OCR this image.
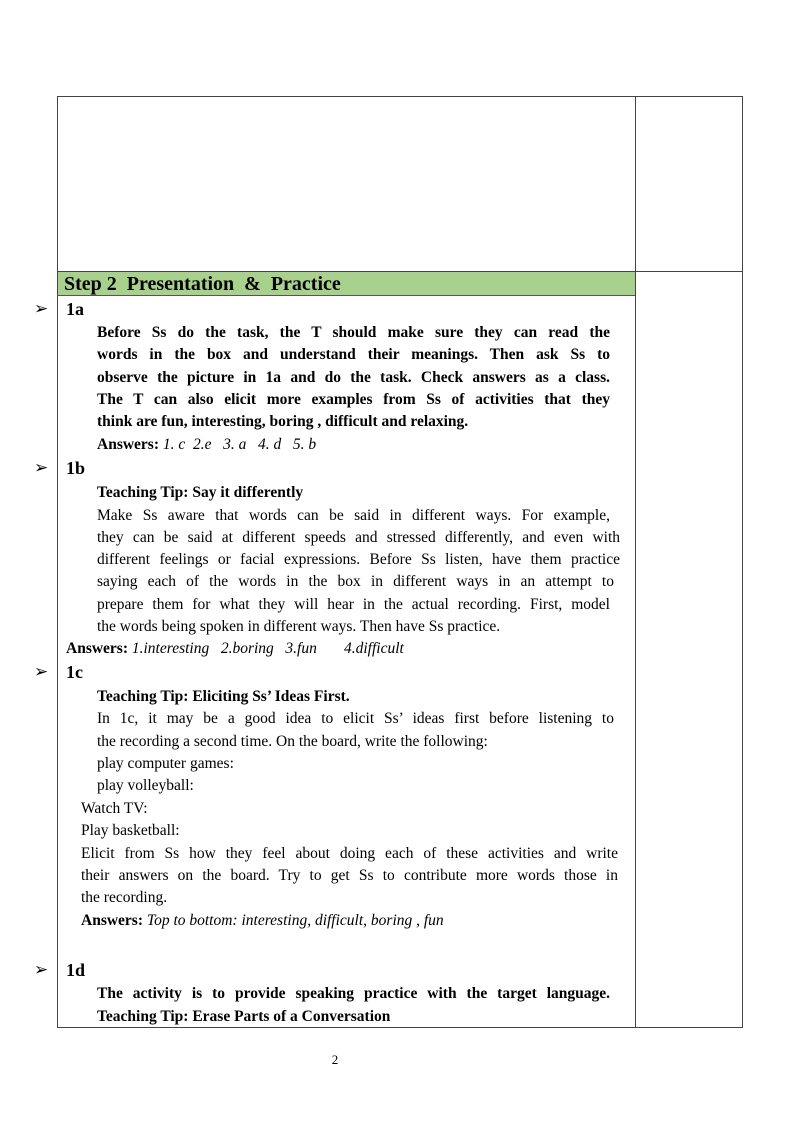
Step 2  Presentation  &  Practice
➢ 1a
Before Ss do the task, the T should make sure they can read the
words in the box and understand their meanings. Then ask Ss to
observe the picture in 1a and do the task. Check answers as a class.
The T can also elicit more examples from Ss of activities that they
think are fun, interesting, boring , difficult and relaxing.
Answers: 1. c  2.e   3. a   4. d   5. b
➢ 1b
Teaching Tip: Say it differently
Make Ss aware that words can be said in different ways. For example,
they can be said at different speeds and stressed differently, and even with
different feelings or facial expressions. Before Ss listen, have them practice
saying each of the words in the box in different ways in an attempt to
prepare them for what they will hear in the actual recording. First, model
the words being spoken in different ways. Then have Ss practice.
Answers: 1.interesting   2.boring   3.fun       4.difficult
➢ 1c
Teaching Tip: Eliciting Ss’ Ideas First.
In 1c, it may be a good idea to elicit Ss’ ideas first before listening to
the recording a second time. On the board, write the following:
play computer games:
play volleyball:
Watch TV:
Play basketball:
Elicit from Ss how they feel about doing each of these activities and write
their answers on the board. Try to get Ss to contribute more words those in
the recording.
Answers: Top to bottom: interesting, difficult, boring , fun
➢ 1d
The activity is to provide speaking practice with the target language.
Teaching Tip: Erase Parts of a Conversation
2
